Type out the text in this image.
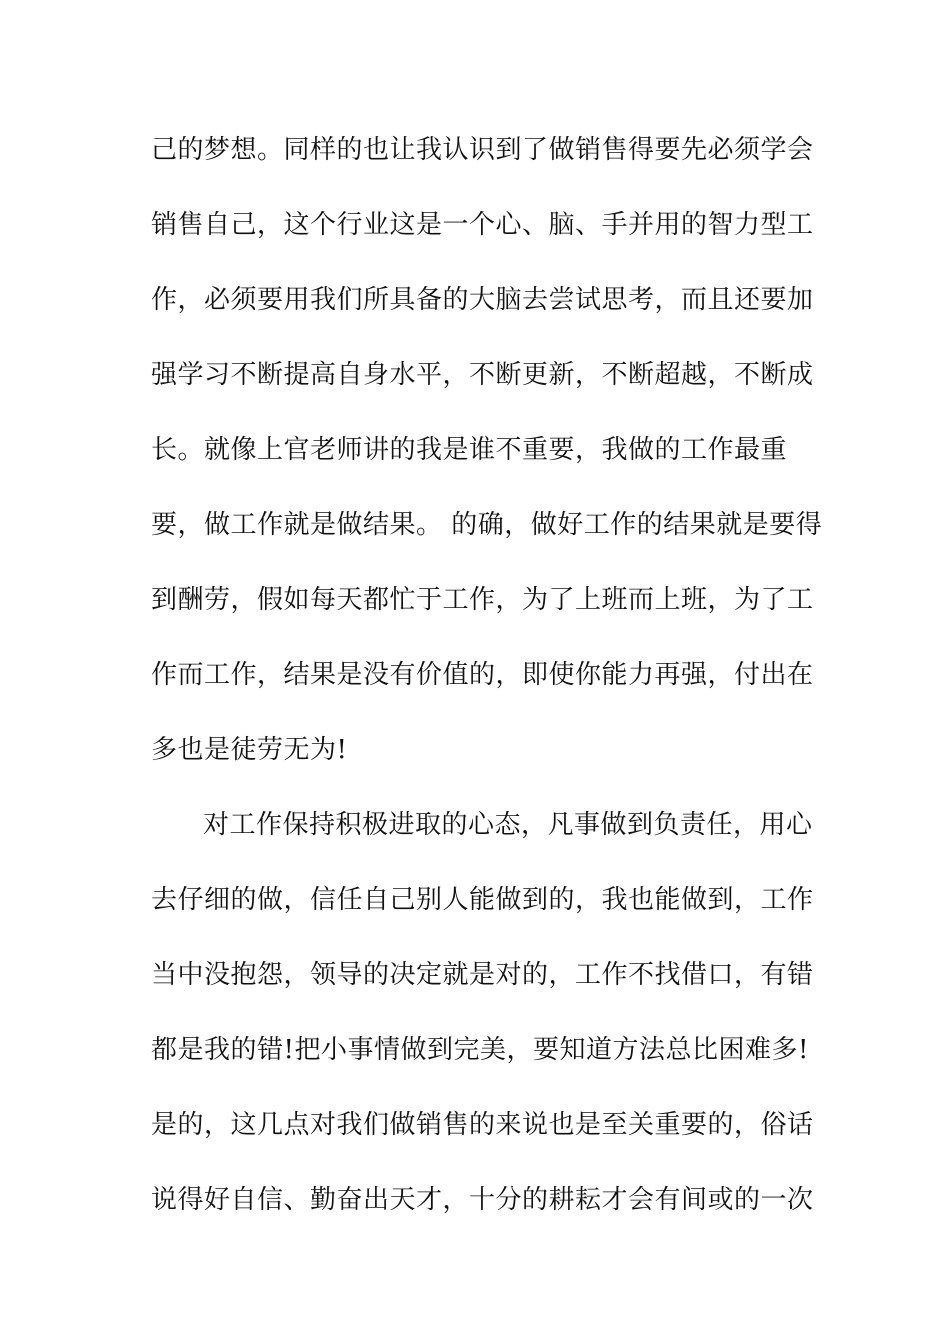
己的梦想。同样的也让我认识到了做销售得要先必须学会
销售自己，这个行业这是一个心、脑、手并用的智力型工
作，必须要用我们所具备的大脑去尝试思考，而且还要加
强学习不断提高自身水平，不断更新，不断超越，不断成
长。就像上官老师讲的我是谁不重要，我做的工作最重
要，做工作就是做结果。 的确，做好工作的结果就是要得
到酬劳，假如每天都忙于工作，为了上班而上班，为了工
作而工作，结果是没有价值的，即使你能力再强，付出在
多也是徒劳无为!
对工作保持积极进取的心态，凡事做到负责任，用心
去仔细的做，信任自己别人能做到的，我也能做到，工作
当中没抱怨，领导的决定就是对的，工作不找借口，有错
都是我的错!把小事情做到完美，要知道方法总比困难多!
是的，这几点对我们做销售的来说也是至关重要的，俗话
说得好自信、勤奋出天才，十分的耕耘才会有间或的一次
